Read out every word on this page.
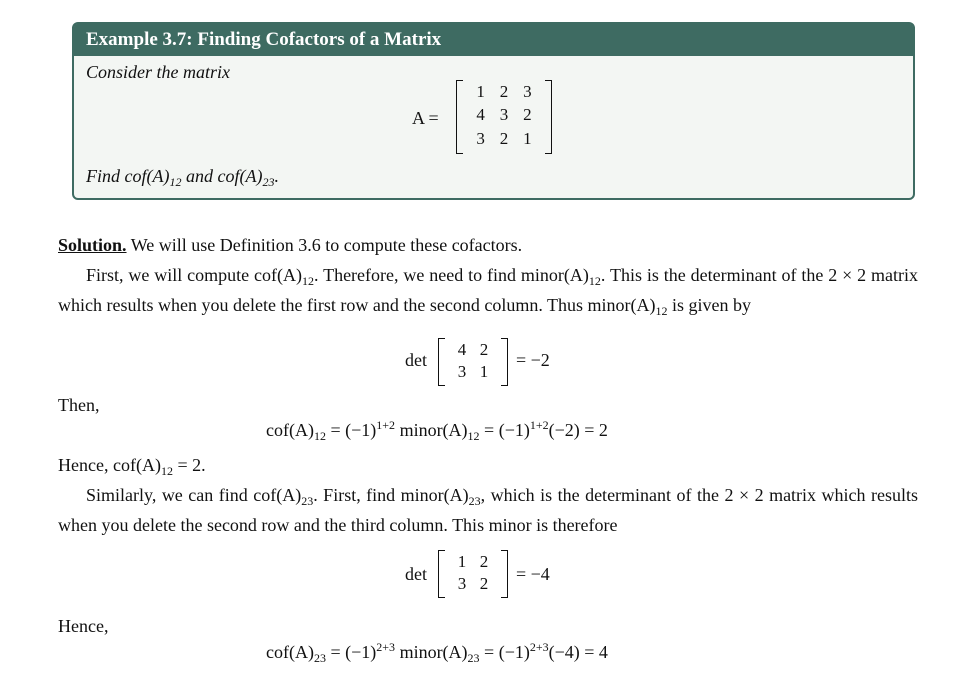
Example 3.7: Finding Cofactors of a Matrix
Consider the matrix
A =
1 2 3
4 3 2
3 2 1
Find $cof(A)_{12}$ and $cof(A)_{23}$.
Solution. We will use Definition 3.6 to compute these cofactors.
First, we will compute $cof(A)_{12}$. Therefore, we need to find $minor(A)_{12}$. This is the determinant of the 2 × 2 matrix which results when you delete the first row and the second column. Thus $minor(A)_{12}$ is given by
det
4 2
3 1
= −2
Then,
$cof(A)_{12} = (-1)^{1+2}$ $minor(A)_{12} = (-1)^{1+2}(-2) = 2$
Hence, $cof(A)_{12} = 2$.
Similarly, we can find $cof(A)_{23}$. First, find $minor(A)_{23}$, which is the determinant of the 2 × 2 matrix which results when you delete the second row and the third column. This minor is therefore
det
1 2
3 2	= −4
Hence,
$cof(A)_{23} = (-1)^{2+3}$ $minor(A)_{23} = (-1)^{2+3}(-4) = 4$
